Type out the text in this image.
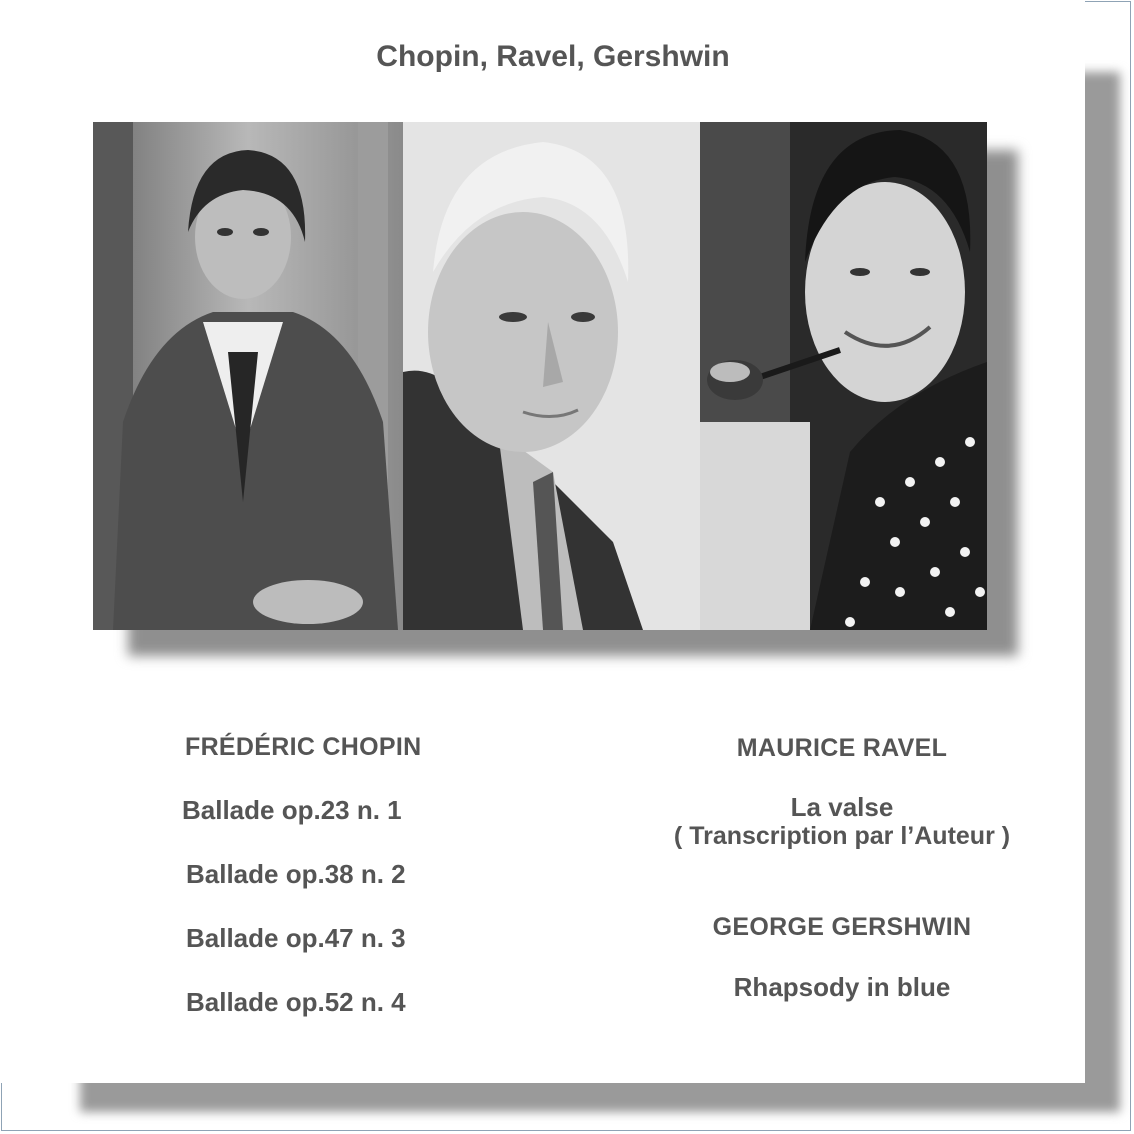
Chopin, Ravel, Gershwin
FRÉDÉRIC CHOPIN
Ballade op.23 n. 1
Ballade op.38 n. 2
Ballade op.47 n. 3
Ballade op.52 n. 4
MAURICE RAVEL
La valse
( Transcription par l’Auteur )
GEORGE GERSHWIN
Rhapsody in blue
